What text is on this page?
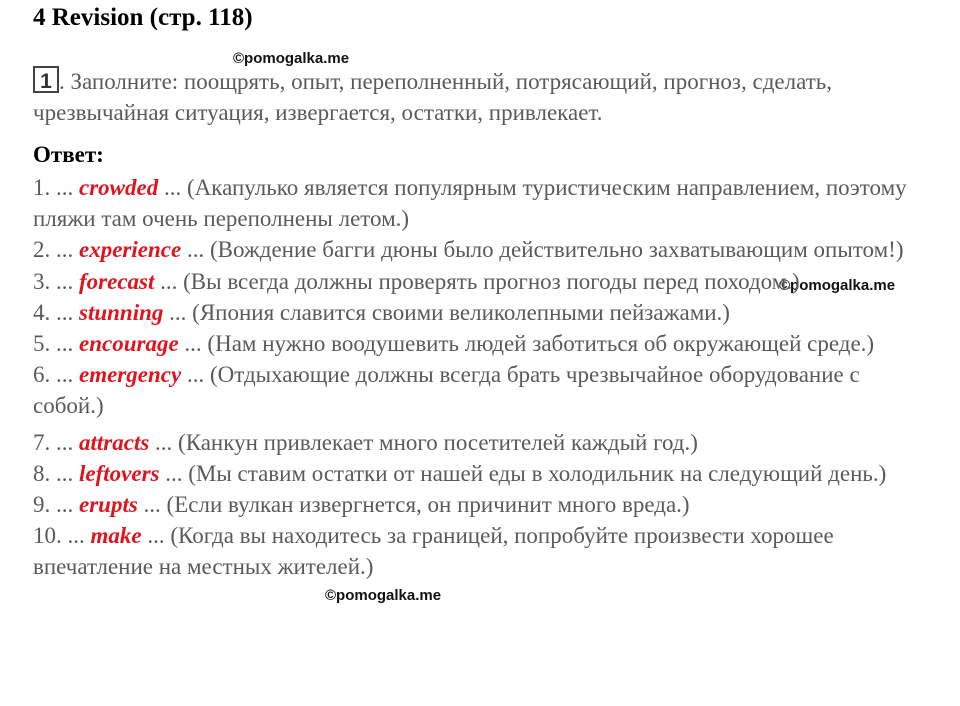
4 Revision (стр. 118)
©pomogalka.me
©pomogalka.me
©pomogalka.me
1 . Заполните: поощрять, опыт, переполненный, потрясающий, прогноз, сделать, чрезвычайная ситуация, извергается, остатки, привлекает.
Ответ:

1. ... crowded ... (Акапулько является популярным туристическим направлением, поэтому пляжи там очень переполнены летом.)

2. ... experience ... (Вождение багги дюны было действительно захватывающим опытом!)

3. ... forecast ... (Вы всегда должны проверять прогноз погоды перед походом.)

4. ... stunning ... (Япония славится своими великолепными пейзажами.)

5. ... encourage ... (Нам нужно воодушевить людей заботиться об окружающей среде.)

6. ... emergency ... (Отдыхающие должны всегда брать чрезвычайное оборудование с собой.)

7. ... attracts ... (Канкун привлекает много посетителей каждый год.)

8. ... leftovers ... (Мы ставим остатки от нашей еды в холодильник на следующий день.)

9. ... erupts ... (Если вулкан извергнется, он причинит много вреда.)

10. ... make ... (Когда вы находитесь за границей, попробуйте произвести хорошее впечатление на местных жителей.)
